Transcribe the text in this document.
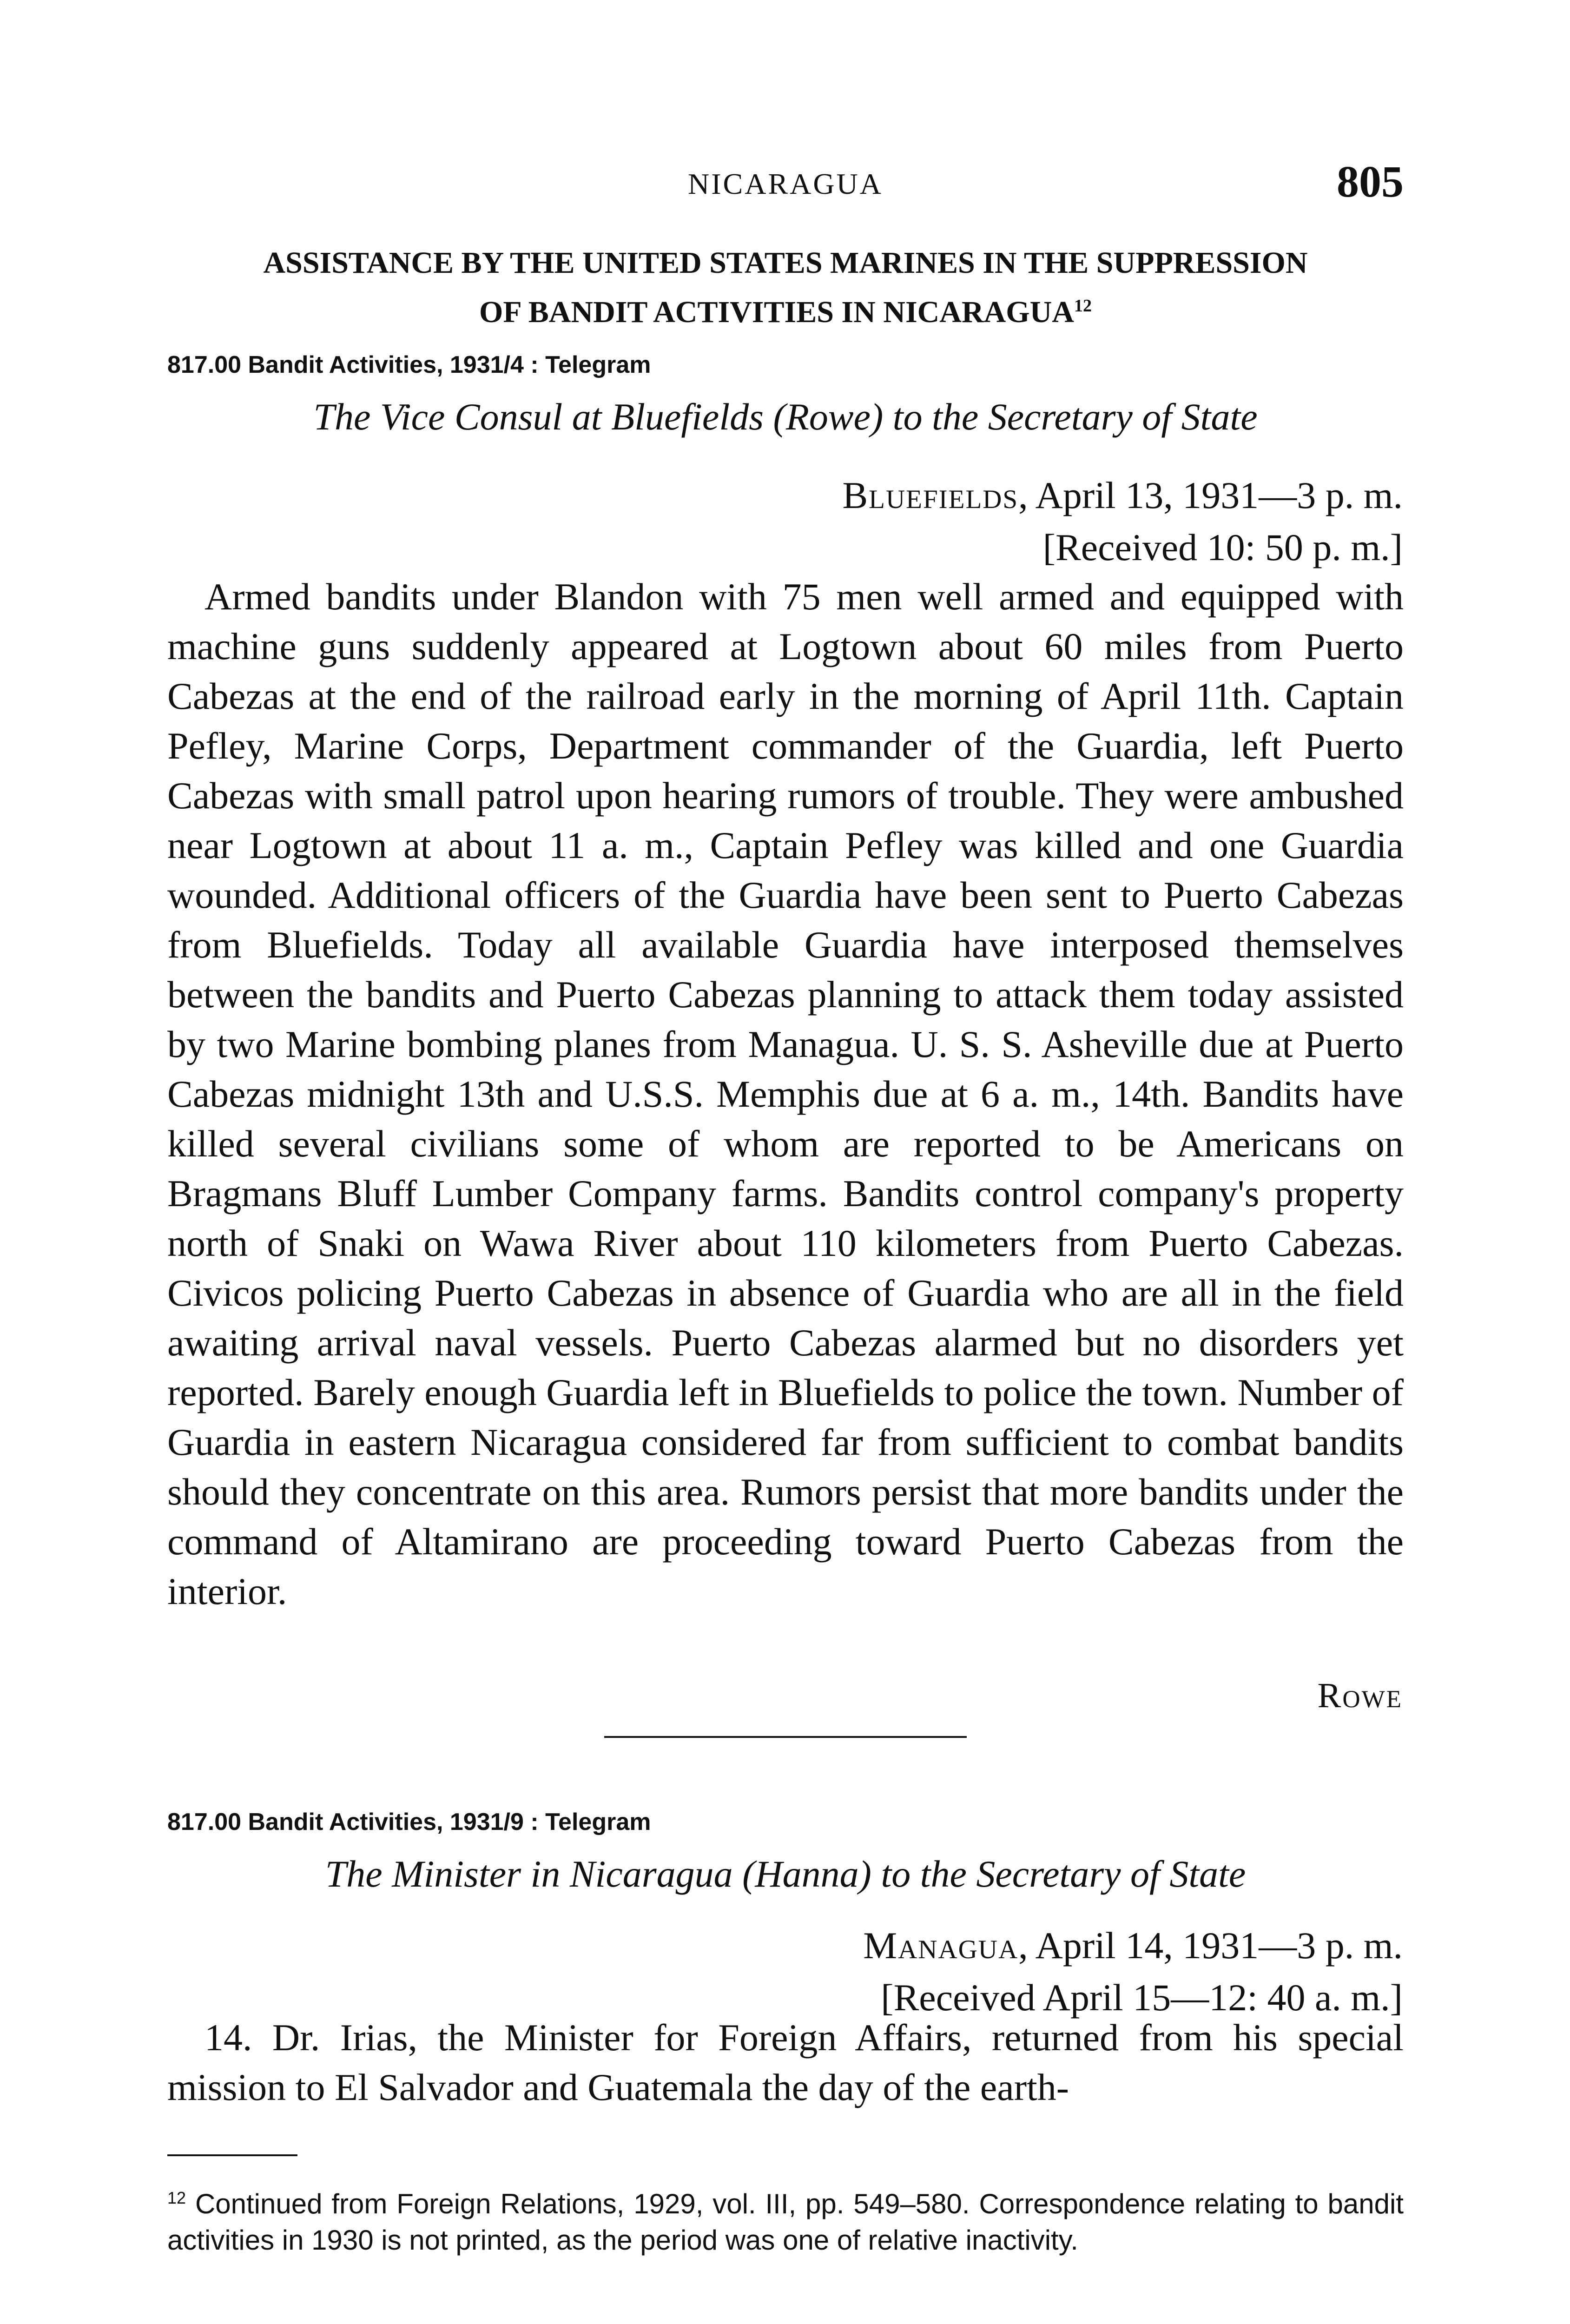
NICARAGUA	805
ASSISTANCE BY THE UNITED STATES MARINES IN THE SUPPRESSION
OF BANDIT ACTIVITIES IN NICARAGUA$^{12}$
817.00 Bandit Activities, 1931/4 : Telegram
The Vice Consul at Bluefields (Rowe) to the Secretary of State
Bluefields, April 13, 1931—3 p. m.
[Received 10: 50 p. m.]

Armed bandits under Blandon with 75 men well armed and equipped with machine guns suddenly appeared at Logtown about 60 miles from Puerto Cabezas at the end of the railroad early in the morning of April 11th. Captain Pefley, Marine Corps, Department commander of the Guardia, left Puerto Cabezas with small patrol upon hearing rumors of trouble. They were ambushed near Logtown at about 11 a. m., Captain Pefley was killed and one Guardia wounded. Additional officers of the Guardia have been sent to Puerto Cabezas from Bluefields. Today all available Guardia have interposed themselves between the bandits and Puerto Cabezas planning to attack them today assisted by two Marine bombing planes from Managua. U. S. S. Asheville due at Puerto Cabezas midnight 13th and U.S.S. Memphis due at 6 a. m., 14th. Bandits have killed several civilians some of whom are reported to be Americans on Bragmans Bluff Lumber Company farms. Bandits control company's property north of Snaki on Wawa River about 110 kilometers from Puerto Cabezas. Civicos policing Puerto Cabezas in absence of Guardia who are all in the field awaiting arrival naval vessels. Puerto Cabezas alarmed but no disorders yet reported. Barely enough Guardia left in Bluefields to police the town. Number of Guardia in eastern Nicaragua considered far from sufficient to combat bandits should they concentrate on this area. Rumors persist that more bandits under the command of Altamirano are proceeding toward Puerto Cabezas from the interior.

Rowe
817.00 Bandit Activities, 1931/9 : Telegram
The Minister in Nicaragua (Hanna) to the Secretary of State
Managua, April 14, 1931—3 p. m.
[Received April 15—12: 40 a. m.]

14. Dr. Irias, the Minister for Foreign Affairs, returned from his special mission to El Salvador and Guatemala the day of the earth-

$^{12}$ Continued from Foreign Relations, 1929, vol. III, pp. 549–580. Correspondence relating to bandit activities in 1930 is not printed, as the period was one of relative inactivity.
